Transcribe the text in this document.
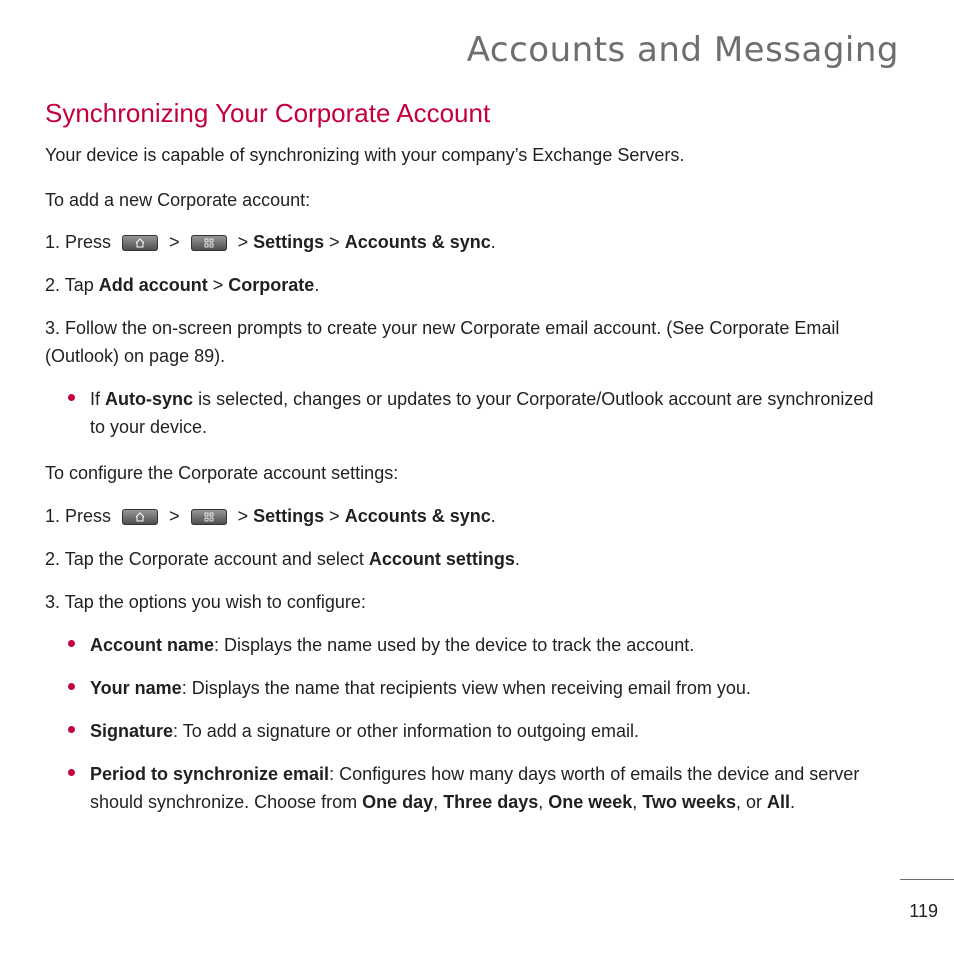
Accounts and Messaging
Synchronizing Your Corporate Account
Your device is capable of synchronizing with your company’s Exchange Servers.
To add a new Corporate account:
1. Press	>	> Settings > Accounts & sync.
2. Tap Add account > Corporate.
3. Follow the on-screen prompts to create your new Corporate email account. (See Corporate Email (Outlook) on page 89).
If Auto-sync is selected, changes or updates to your Corporate/Outlook account are synchronized to your device.
To configure the Corporate account settings:
1. Press	>	> Settings > Accounts & sync.
2. Tap the Corporate account and select Account settings.
3. Tap the options you wish to configure:
Account name: Displays the name used by the device to track the account.
Your name: Displays the name that recipients view when receiving email from you.
Signature: To add a signature or other information to outgoing email.
Period to synchronize email: Configures how many days worth of emails the device and server should synchronize. Choose from One day, Three days, One week, Two weeks, or All.
119
